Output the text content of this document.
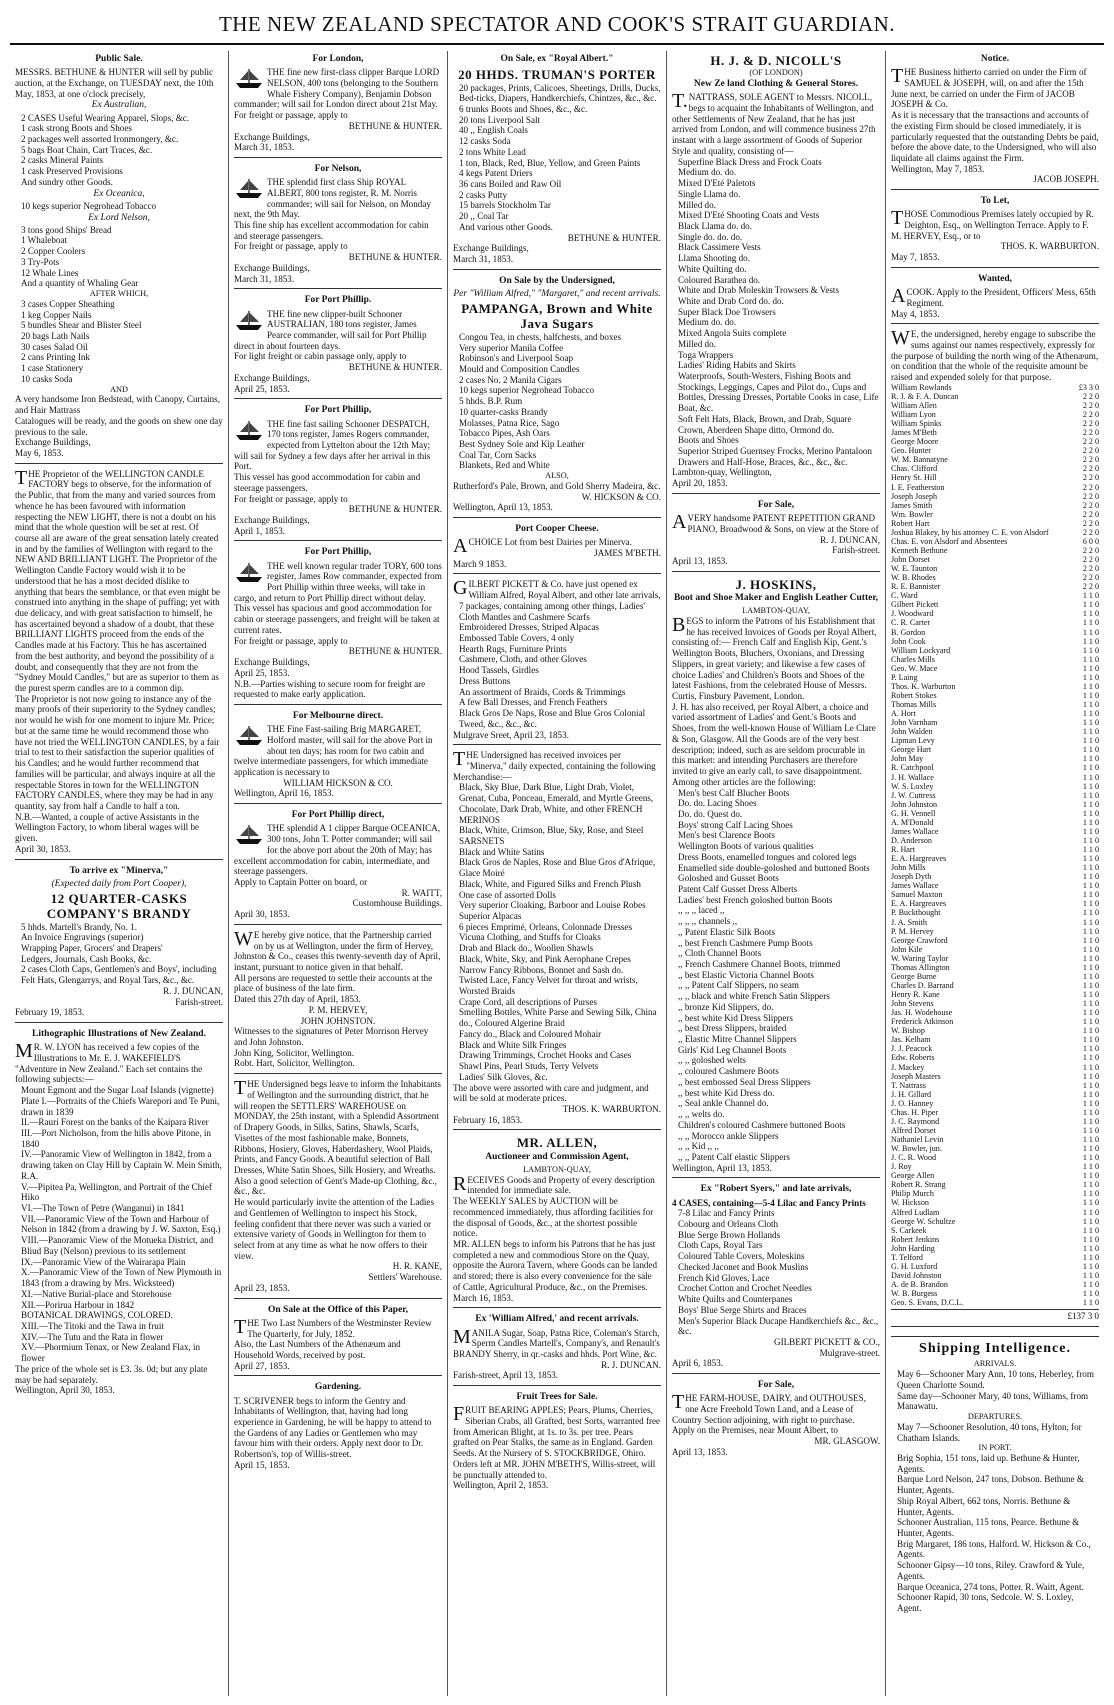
THE NEW ZEALAND SPECTATOR AND COOK'S STRAIT GUARDIAN.
Public Sale.

MESSRS. BETHUNE & HUNTER will sell by public auction, at the Exchange, on TUESDAY next, the 10th May, 1853, at one o'clock precisely,

Ex Australian,
2 CASES Useful Wearing Apparel, Slops, &c.
1 cask strong Boots and Shoes
2 packages well assorted Ironmongery, &c.
5 bags Boat Chain, Cart Traces, &c.
2 casks Mineral Paints
1 cask Preserved Provisions
And sundry other Goods.
Ex Oceanica,
10 kegs superior Negrohead Tobacco
Ex Lord Nelson,
3 tons good Ships' Bread
1 Whaleboat
2 Copper Coolers
3 Try-Pots
12 Whale Lines
And a quantity of Whaling Gear
AFTER WHICH,
3 cases Copper Sheathing
1 keg Copper Nails
5 bundles Shear and Blister Steel
20 bags Lath Nails
30 cases Salad Oil
2 cans Printing Ink
1 case Stationery
10 casks Soda
AND

A very handsome Iron Bedstead, with Canopy, Curtains, and Hair Mattrass

Catalogues will be ready, and the goods on shew one day previous to the sale.

Exchange Buildings,

May 6, 1853.

THE Proprietor of the WELLINGTON CANDLE FACTORY begs to observe, for the information of the Public, that from the many and varied sources from whence he has been favoured with information respecting the NEW LIGHT, there is not a doubt on his mind that the whole question will be set at rest. Of course all are aware of the great sensation lately created in and by the families of Wellington with regard to the NEW AND BRILLIANT LIGHT. The Proprietor of the Wellington Candle Factory would wish it to be understood that he has a most decided dislike to anything that bears the semblance, or that even might be construed into anything in the shape of puffing; yet with due delicacy, and with great satisfaction to himself, he has ascertained beyond a shadow of a doubt, that these BRILLIANT LIGHTS proceed from the ends of the Candles made at his Factory. This he has ascertained from the best authority, and beyond the possibility of a doubt, and consequently that they are not from the "Sydney Mould Candles," but are as superior to them as the purest sperm candles are to a common dip.

The Proprietor is not now going to instance any of the many proofs of their superiority to the Sydney candles; nor would he wish for one moment to injure Mr. Price; but at the same time he would recommend those who have not tried the WELLINGTON CANDLES, by a fair trial to test to their satisfaction the superior qualities of his Candles; and he would further recommend that families will be particular, and always inquire at all the respectable Stores in town for the WELLINGTON FACTORY CANDLES, where they may be had in any quantity, say from half a Candle to half a ton.

N.B.—Wanted, a couple of active Assistants in the Wellington Factory, to whom liberal wages will be given.

April 30, 1853.

To arrive ex "Minerva,"
(Expected daily from Port Cooper),
12 QUARTER-CASKS COMPANY'S BRANDY
5 hhds. Martell's Brandy, No. 1.
An Invoice Engravings (superior)
Wrapping Paper, Grocers' and Drapers'
Ledgers, Journals, Cash Books, &c.
2 cases Cloth Caps, Gentlemen's and Boys', including Felt Hats, Glengarrys, and Royal Tars, &c., &c.

R. J. DUNCAN,

Farish-street.

February 19, 1853.

Lithographic Illustrations of New Zealand.

MR. W. LYON has received a few copies of the Illustrations to Mr. E. J. WAKEFIELD'S "Adventure in New Zealand." Each set contains the following subjects:—

Mount Egmont and the Sugar Loaf Islands (vignette)
Plate I.—Portraits of the Chiefs Warepori and Te Puni, drawn in 1839
II.—Rauri Forest on the banks of the Kaipara River
III.—Port Nicholson, from the hills above Pitone, in 1840
IV.—Panoramic View of Wellington in 1842, from a drawing taken on Clay Hill by Captain W. Mein Smith, R.A.
V.—Pipitea Pa, Wellington, and Portrait of the Chief Hiko
VI.—The Town of Petre (Wanganui) in 1841
VII.—Panoramic View of the Town and Harbour of Nelson in 1842 (from a drawing by J. W. Saxton, Esq.)
VIII.—Panoramic View of the Motueka District, and Bliud Bay (Nelson) previous to its settlement
IX.—Panoramic View of the Wairarapa Plain
X.—Panoramic View of the Town of New Plymouth in 1843 (from a drawing by Mrs. Wicksteed)
XI.—Native Burial-place and Storehouse
XII.—Porirua Harbour in 1842
BOTANICAL DRAWINGS, COLORED.
XIII.—The Titoki and the Tawa in fruit
XIV.—The Tutu and the Rata in flower
XV.—Phormium Tenax, or New Zealand Flax, in flower

The price of the whole set is £3. 3s. 0d; but any plate may be had separately.

Wellington, April 30, 1853.

For London,

THE fine new first-class clipper Barque LORD NELSON, 400 tons (belonging to the Southern Whale Fishery Company), Benjamin Dobson commander; will sail for London direct about 21st May.

For freight or passage, apply to

BETHUNE & HUNTER.

Exchange Buildings,

March 31, 1853.

For Nelson,

THE splendid first class Ship ROYAL ALBERT, 800 tons register, R. M. Norris commander; will sail for Nelson, on Monday next, the 9th May.

This fine ship has excellent accommodation for cabin and steerage passengers.

For freight or passage, apply to

BETHUNE & HUNTER.

Exchange Buildings,

March 31, 1853.

For Port Phillip.

THE fine new clipper-built Schooner AUSTRALIAN, 180 tons register, James Pearce commander, will sail for Port Phillip direct in about fourteen days.

For light freight or cabin passage only, apply to

BETHUNE & HUNTER.

Exchange Buildings,

April 25, 1853.

For Port Phillip,

THE fine fast sailing Schooner DESPATCH, 170 tons register, James Rogers commander, expected from Lyttelton about the 12th May; will sail for Sydney a few days after her arrival in this Port.

This vessel has good accommodation for cabin and steerage passengers.

For freight or passage, apply to

BETHUNE & HUNTER.

Exchange Buildings,

April 1, 1853.

For Port Phillip,

THE well known regular trader TORY, 600 tons register, James Row commander, expected from Port Phillip within three weeks, will take in cargo, and return to Port Phillip direct without delay.

This vessel has spacious and good accommodation for cabin or steerage passengers, and freight will be taken at current rates.

For freight or passage, apply to

BETHUNE & HUNTER.

Exchange Buildings,

April 25, 1853.

N.B.—Parties wishing to secure room for freight are requested to make early application.

For Melbourne direct.

THE Fine Fast-sailing Brig MARGARET, Holford master, will sail for the above Port in about ten days; has room for two cabin and twelve intermediate passengers, for which immediate application is necessary to

WILLIAM HICKSON & CO.

Wellington, April 16, 1853.

For Port Phillip direct,

THE splendid A 1 clipper Barque OCEANICA, 300 tons, John T. Potter commander; will sail for the above port about the 20th of May; has excellent accommodation for cabin, intermediate, and steerage passengers.

Apply to Captain Potter on board, or

R. WAITT,

Customhouse Buildings.

April 30, 1853.

WE hereby give notice, that the Partnership carried on by us at Wellington, under the firm of Hervey, Johnston & Co., ceases this twenty-seventh day of April, instant, pursuant to notice given in that behalf.

All persons are requested to settle their accounts at the place of business of the late firm.

Dated this 27th day of April, 1853.

P. M. HERVEY,

JOHN JOHNSTON.

Witnesses to the signatures of Peter Morrison Hervey and John Johnston.

John King, Solicitor, Wellington.

Robt. Hart, Solicitor, Wellington.

THE Undersigned begs leave to inform the Inhabitants of Wellington and the surrounding district, that he will reopen the SETTLERS' WAREHOUSE on MONDAY, the 25th instant, with a Splendid Assortment of Drapery Goods, in Silks, Satins, Shawls, Scarfs, Visettes of the most fashionable make, Bonnets, Ribbons, Hosiery, Gloves, Haberdashery, Wool Plaids, Prints, and Fancy Goods. A beautiful selection of Ball Dresses, White Satin Shoes, Silk Hosiery, and Wreaths. Also a good selection of Gent's Made-up Clothing, &c., &c., &c.

He would particularly invite the attention of the Ladies and Gentlemen of Wellington to inspect his Stock, feeling confident that there never was such a varied or extensive variety of Goods in Wellington for them to select from at any time as what he now offers to their view.

H. R. KANE,

Settlers' Warehouse.

April 23, 1853.

On Sale at the Office of this Paper,

THE Two Last Numbers of the Westminster Review

The Quarterly, for July, 1852.

Also, the Last Numbers of the Athenæum and Household Words, received by post.

April 27, 1853.

Gardening.

T. SCRIVENER begs to inform the Gentry and Inhabitants of Wellington, that, having had long experience in Gardening, he will be happy to attend to the Gardens of any Ladies or Gentlemen who may favour him with their orders. Apply next door to Dr. Robertson's, top of Willis-street.

April 15, 1853.

On Sale, ex "Royal Albert."
20 HHDS. TRUMAN'S PORTER
20 packages, Prints, Calicoes, Sheetings, Drills, Ducks, Bed-ticks, Diapers, Handkerchiefs, Chintzes, &c., &c.
6 trunks Boots and Shoes, &c., &c.
20 tons Liverpool Salt
40 ,, English Coals
12 casks Soda
2 tons White Lead
1 ton, Black, Red, Blue, Yellow, and Green Paints
4 kegs Patent Driers
36 cans Boiled and Raw Oil
2 casks Putty
15 barrels Stockholm Tar
20 ,, Coal Tar
And various other Goods.

BETHUNE & HUNTER.

Exchange Buildings,

March 31, 1853.

On Sale by the Undersigned,
Per "William Alfred," "Margaret," and recent arrivals.
PAMPANGA, Brown and White Java Sugars
Congou Tea, in chests, halfchests, and boxes
Very superior Manila Coffee
Robinson's and Liverpool Soap
Mould and Composition Candles
2 cases No. 2 Manila Cigars
10 kegs superior Negrohead Tobacco
5 hhds. B.P. Rum
10 quarter-casks Brandy
Molasses, Patna Rice, Sago
Tobacco Pipes, Ash Oars
Best Sydney Sole and Kip Leather
Coal Tar, Corn Sacks
Blankets, Red and White
ALSO,

Rutherford's Pale, Brown, and Gold Sherry Madeira, &c.

W. HICKSON & CO.

Wellington, April 13, 1853.

Port Cooper Cheese.

ACHOICE Lot from best Dairies per Minerva.

JAMES M'BETH.

March 9 1853.

GILBERT PICKETT & Co. have just opened ex William Alfred, Royal Albert, and other late arrivals,

7 packages, containing among other things, Ladies' Cloth Mantles and Cashmere Scarfs
Embroidered Dresses, Striped Alpacas
Embossed Table Covers, 4 only
Hearth Rugs, Furniture Prints
Cashmere, Cloth, and other Gloves
Hood Tassels, Girdles
Dress Buttons
An assortment of Braids, Cords & Trimmings
A few Ball Dresses, and French Feathers
Black Gros De Naps, Rose and Blue Gros Colonial Tweed, &c., &c., &c.

Mulgrave Sreet, April 23, 1853.

THE Undersigned has received invoices per "Minerva," daily expected, containing the following Merchandise:—

Black, Sky Blue, Dark Blue, Light Drab, Violet, Grenat, Cuba, Ponceau, Emerald, and Myrtle Greens, Chocolate, Dark Drab, White, and other FRENCH MERINOS
Black, White, Crimson, Blue, Sky, Rose, and Steel SARSNETS
Black and White Satins
Black Gros de Naples, Rose and Blue Gros d'Afrique, Glace Moiré
Black, White, and Figured Silks and French Plush
One case of assorted Dolls
Very superior Cloaking, Barboor and Louise Robes
Superior Alpacas
6 pieces Emprimé, Orleans, Colonnade Dresses
Vicuna Clothing, and Stuffs for Cloaks
Drab and Black do., Woollen Shawls
Black, White, Sky, and Pink Aerophane Crepes
Narrow Fancy Ribbons, Bonnet and Sash do.
Twisted Lace, Fancy Velvet for throat and wrists, Worsted Braids
Crape Cord, all descriptions of Purses
Smelling Bottles, White Parse and Sewing Silk, China do., Coloured Algerine Braid
Fancy do., Black and Coloured Mohair
Black and White Silk Fringes
Drawing Trimmings, Crochet Hooks and Cases
Shawl Pins, Pearl Studs, Terry Velvets
Ladies' Silk Gloves, &c.

The above were assorted with care and judgment, and will be sold at moderate prices.

THOS. K. WARBURTON.

February 16, 1853.

MR. ALLEN,
Auctioneer and Commission Agent,
LAMBTON-QUAY,

RECEIVES Goods and Property of every description intended for immediate sale.

The WEEKLY SALES by AUCTION will be recommenced immediately, thus affording facilities for the disposal of Goods, &c., at the shortest possible notice.

MR. ALLEN begs to inform his Patrons that he has just completed a new and commodious Store on the Quay, opposite the Aurora Tavern, where Goods can be landed and stored; there is also every convenience for the sale of Cattle, Agricultural Produce, &c., on the Premises.

March 16, 1853.

Ex 'William Alfred,' and recent arrivals.

MANILA Sugar, Soap, Patna Rice, Coleman's Starch, Sperm Candles Martell's, Company's, and Renault's BRANDY Sherry, in qr.-casks and hhds. Port Wine, &c.

R. J. DUNCAN.

Farish-street, April 13, 1853.

Fruit Trees for Sale.

FRUIT BEARING APPLES; Pears, Plums, Cherries, Siberian Crabs, all Grafted, best Sorts, warranted free from American Blight, at 1s. to 3s. per tree. Pears grafted on Pear Stalks, the same as in England. Garden Seeds. At the Nursery of S. STOCKBRIDGE, Ohiro. Orders left at MR. JOHN M'BETH'S, Willis-street, will be punctually attended to.

Wellington, April 2, 1853.

H. J. & D. NICOLL'S
(OF LONDON)
New Ze land Clothing & General Stores.

T.NATTRASS, SOLE AGENT to Messrs. NICOLL, begs to acquaint the Inhabitants of Wellington, and other Settlements of New Zealand, that he has just arrived from London, and will commence business 27th instant with a large assortment of Goods of Superior Style and quality, consisting of—

Superfine Black Dress and Frock Coats
Medium do. do.
Mixed D'Eté Paletots
Single Llama do.
Milled do.
Mixed D'Eté Shooting Coats and Vests
Black Llama do. do.
Single do. do. do.
Black Cassimere Vests
Llama Shooting do.
White Quilting do.
Coloured Barathea do.
White and Drab Moleskin Trowsers & Vests
White and Drab Cord do. do.
Super Black Doe Trowsers
Medium do. do.
Mixed Angola Suits complete
Milled do.
Toga Wrappers
Ladies' Riding Habits and Skirts
Waterproofs, South-Westers, Fishing Boots and Stockings, Leggings, Capes and Pilot do., Cups and Bottles, Dressing Dresses, Portable Cooks in case, Life Boat, &c.
Soft Felt Hats, Black, Brown, and Drab, Square Crown, Aberdeen Shape ditto, Ormond do.
Boots and Shoes
Superior Striped Guernsey Frocks, Merino Pantaloon Drawers and Half-Hose, Braces, &c., &c., &c.

Lambton-quay, Wellington,

April 20, 1853.

For Sale,

AVERY handsome PATENT REPETITION GRAND PIANO, Broadwood & Sons, on view at the Store of

R. J. DUNCAN,

Farish-street.

April 13, 1853.

J. HOSKINS,
Boot and Shoe Maker and English Leather Cutter,
LAMBTON-QUAY,

BEGS to inform the Patrons of his Establishment that he has received Invoices of Goods per Royal Albert, consisting of:— French Calf and English Kip, Gent.'s Wellington Boots, Bluchers, Oxonians, and Dressing Slippers, in great variety; and likewise a few cases of choice Ladies' and Children's Boots and Shoes of the latest Fashions, from the celebrated House of Messrs. Curtis, Finsbury Pavement, London.

J. H. has also received, per Royal Albert, a choice and varied assortment of Ladies' and Gent.'s Boots and Shoes, from the well-known House of William Le Clare & Son, Glasgow. All the Goods are of the very best description; indeed, such as are seldom procurable in this market: and intending Purchasers are therefore invited to give an early call, to save disappointment. Among other articles are the following:

Men's best Calf Blucher Boots
Do. do. Lacing Shoes
Do. do. Quest do.
Boys' strong Calf Lacing Shoes
Men's best Clarence Boots
Wellington Boots of various qualities
Dress Boots, enamelled tongues and colored legs
Enamelled side double-goloshed and buttoned Boots
Goloshed and Gusset Boots
Patent Calf Gusset Dress Alberts
Ladies' best French goloshed button Boots
,, ,, ,, laced ,,
,, ,, ,, channels ,,
,, Patent Elastic Silk Boots
,, best French Cashmere Pump Boots
,, Cloth Channel Boots
,, French Cashmere Channel Boots, trimmed
,, best Elastic Victoria Channel Boots
,, ,, Patent Calf Slippers, no seam
,, ,, black and white French Satin Slippers
,, bronze Kid Slippers, do.
,, best white Kid Dress Slippers
,, best Dress Slippers, braided
,, Elastic Mitre Channel Slippers
Girls' Kid Leg Channel Boots
,, ,, goloshed welts
,, coloured Cashmere Boots
,, best embossed Seal Dress Slippers
,, best white Kid Dress do.
,, Seal ankle Channel do.
,, ,, welts do.
Children's coloured Cashmere buttoned Boots
,, ,, Morocco ankle Slippers
,, ,, Kid ,, ,,
,, ,, Patent Calf elastic Slippers

Wellington, April 13, 1853.

Ex "Robert Syers," and late arrivals,
4 CASES, containing—5-4 Lilac and Fancy Prints
7-8 Lilac and Fancy Prints
Cobourg and Orleans Cloth
Blue Serge Brown Hollands
Cloth Caps, Royal Tars
Coloured Table Covers, Moleskins
Checked Jaconet and Book Muslins
French Kid Gloves, Lace
Crochet Cotton and Crochet Needles
White Quilts and Counterpanes
Boys' Blue Serge Shirts and Braces
Men's Superior Black Ducape Handkerchiefs &c., &c., &c.

GILBERT PICKETT & CO.,

Mulgrave-street.

April 6, 1853.

For Sale,

THE FARM-HOUSE, DAIRY, and OUTHOUSES, one Acre Freehold Town Land, and a Lease of Country Section adjoining, with right to purchase.

Apply on the Premises, near Mount Albert, to

MR. GLASGOW.

April 13, 1853.

Notice.

THE Business hitherto carried on under the Firm of SAMUEL & JOSEPH, will, on and after the 15th June next, be carried on under the Firm of JACOB JOSEPH & Co.

As it is necessary that the transactions and accounts of the existing Firm should be closed immediately, it is particularly requested that the outstanding Debts be paid, before the above date, to the Undersigned, who will also liquidate all claims against the Firm.

Wellington, May 7, 1853.

JACOB JOSEPH.

To Let,

THOSE Commodious Premises lately occupied by R. Deighton, Esq., on Wellington Terrace. Apply to F. M. HERVEY, Esq., or to

THOS. K. WARBURTON.

May 7, 1853.

Wanted,

ACOOK. Apply to the President, Officers' Mess, 65th Regiment.

May 4, 1853.

WE, the undersigned, hereby engage to subscribe the sums against our names respectively, expressly for the purpose of building the north wing of the Athenæum, on condition that the whole of the requisite amount be raised and expended solely for that purpose.

William Rowlands	£3 3 0
R. J. & F. A. Duncan	2 2 0
William Allen	2 2 0
William Lyon	2 2 0
William Spinks	2 2 0
James M'Beth	2 2 0
George Moore	2 2 0
Geo. Hunter	2 2 0
W. M. Bannatyne	2 2 0
Chas. Clifford	2 2 0
Henry St. Hill	2 2 0
I. E. Featherston	2 2 0
Joseph Joseph	2 2 0
James Smith	2 2 0
Wm. Bowler	2 2 0
Robert Hart	2 2 0
Joshua Blakey, by his attorney C. E. von Alsdorf	2 2 0
Chas. E. von Alsdorf and Absentees	6 0 0
Kenneth Bethune	2 2 0
John Dorset	2 2 0
W. E. Taunton	2 2 0
W. B. Rhodes	2 2 0
R. E. Bannister	2 2 0
C. Ward	1 1 0
Gilbert Pickett	1 1 0
J. Woodward	1 1 0
C. R. Carter	1 1 0
B. Gordon	1 1 0
John Cook	1 1 0
William Lockyard	1 1 0
Charles Mills	1 1 0
Geo. W. Mace	1 1 0
P. Laing	1 1 0
Thos. K. Warburton	1 1 0
Robert Stokes	1 1 0
Thomas Mills	1 1 0
A. Hort	1 1 0
John Varnham	1 1 0
John Walden	1 1 0
Lipman Levy	1 1 0
George Hart	1 1 0
John May	1 1 0
R. Catchpool	1 1 0
J. H. Wallace	1 1 0
W. S. Loxley	1 1 0
J. W. Cuttress	1 1 0
John Johnston	1 1 0
G. H. Vennell	1 1 0
A. M'Donald	1 1 0
James Wallace	1 1 0
D. Anderson	1 1 0
R. Hart	1 1 0
E. A. Hargreaves	1 1 0
John Mills	1 1 0
Joseph Dyth	1 1 0
James Wallace	1 1 0
Samuel Maxton	1 1 0
E. A. Hargreaves	1 1 0
P. Buckthought	1 1 0
J. A. Smith	1 1 0
P. M. Hervey	1 1 0
George Crawford	1 1 0
John Kile	1 1 0
W. Waring Taylor	1 1 0
Thomas Allington	1 1 0
George Burne	1 1 0
Charles D. Barrand	1 1 0
Henry R. Kane	1 1 0
John Stevens	1 1 0
Jas. H. Wodehouse	1 1 0
Frederick Atkinson	1 1 0
W. Bishop	1 1 0
Jas. Kelham	1 1 0
J. J. Peacock	1 1 0
Edw. Roberts	1 1 0
J. Mackey	1 1 0
Joseph Masters	1 1 0
T. Nattrass	1 1 0
J. H. Gillard	1 1 0
J. O. Hanney	1 1 0
Chas. H. Piper	1 1 0
J. C. Raymond	1 1 0
Alfred Dorset	1 1 0
Nathaniel Levin	1 1 0
W. Bowler, jun.	1 1 0
J. C. R. Wood	1 1 0
J. Roy	1 1 0
George Allen	1 1 0
Robert R. Strang	1 1 0
Philip Murch	1 1 0
W. Hickson	1 1 0
Alfred Ludlam	1 1 0
George W. Schultze	1 1 0
S. Carkeek	1 1 0
Robert Jenkins	1 1 0
John Harding	1 1 0
T. Telford	1 1 0
G. H. Luxford	1 1 0
David Johnston	1 1 0
A. de B. Brandon	1 1 0
W. B. Burgess	1 1 0
Geo. S. Evans, D.C.L.	1 1 0
£137 3 0
Shipping Intelligence.
ARRIVALS.
May 6—Schooner Mary Ann, 10 tons, Heberley, from Queen Charlotte Sound.
Same day—Schooner Mary, 40 tons, Williams, from Manawatu.
DEPARTURES.
May 7—Schooner Resolution, 40 tons, Hylton, for Chatham Islands.
IN PORT.
Brig Sophia, 151 tons, laid up. Bethune & Hunter, Agents.
Barque Lord Nelson, 247 tons, Dobson. Bethune & Hunter, Agents.
Ship Royal Albert, 662 tons, Norris. Bethune & Hunter, Agents.
Schooner Australian, 115 tons, Pearce. Bethune & Hunter, Agents.
Brig Margaret, 186 tons, Halford. W. Hickson & Co., Agents.
Schooner Gipsy—10 tons, Riley. Crawford & Yule, Agents.
Barque Oceanica, 274 tons, Potter. R. Waitt, Agent.
Schooner Rapid, 30 tons, Sedcole. W. S. Loxley, Agent.
